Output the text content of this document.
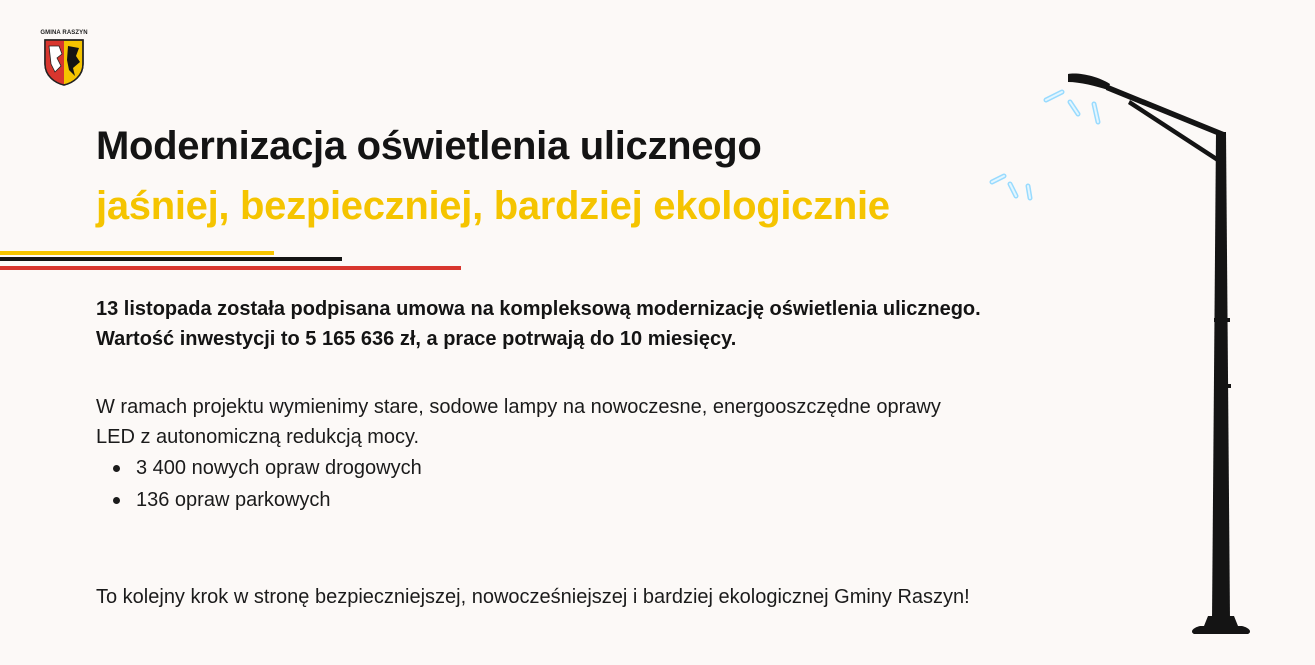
GMINA RASZYN
Modernizacja oświetlenia ulicznego
jaśniej, bezpieczniej, bardziej ekologicznie

13 listopada została podpisana umowa na kompleksową modernizację oświetlenia ulicznego.
Wartość inwestycji to 5 165 636 zł, a prace potrwają do 10 miesięcy.

W ramach projektu wymienimy stare, sodowe lampy na nowoczesne, energooszczędne oprawy
LED z autonomiczną redukcją mocy.

3 400 nowych opraw drogowych
136 opraw parkowych

To kolejny krok w stronę bezpieczniejszej, nowocześniejszej i bardziej ekologicznej Gminy Raszyn!
